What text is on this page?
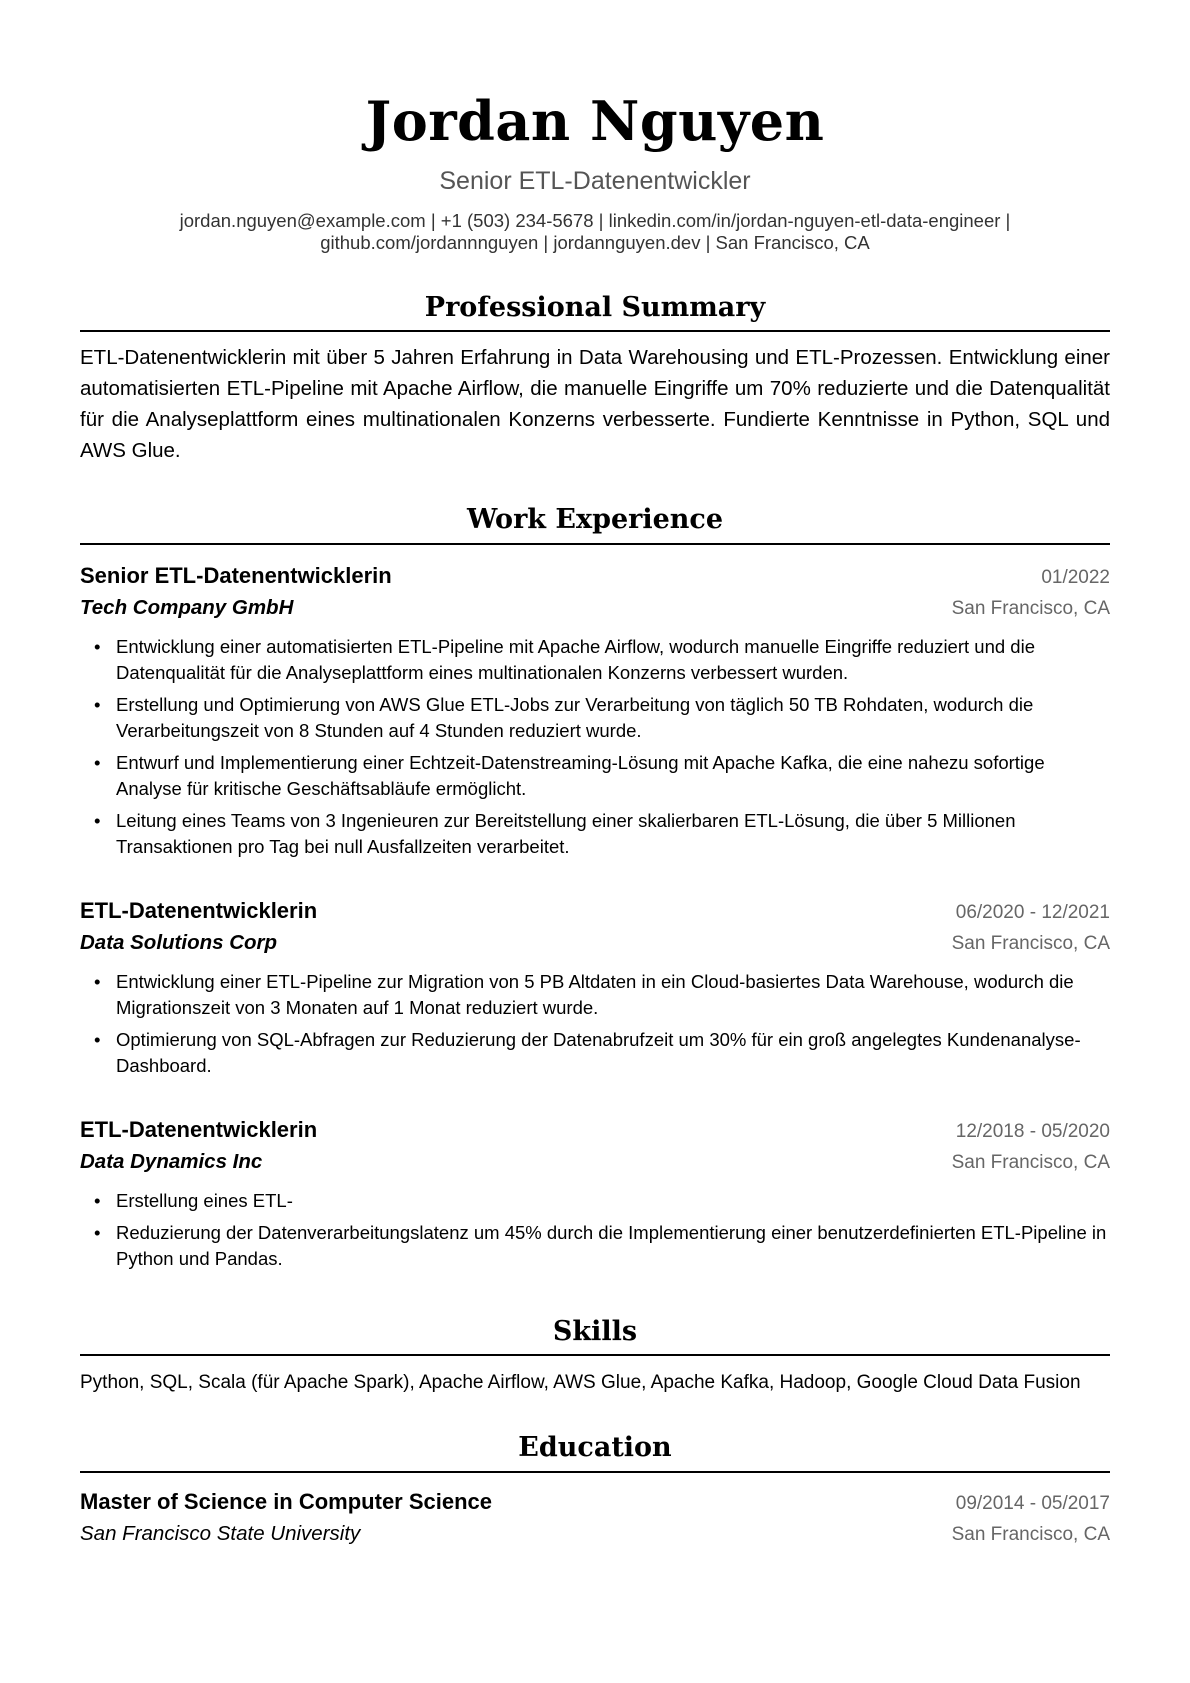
Jordan Nguyen
Senior ETL-Datenentwickler
jordan.nguyen@example.com | +1 (503) 234-5678 | linkedin.com/in/jordan-nguyen-etl-data-engineer |
github.com/jordannnguyen | jordannguyen.dev | San Francisco, CA
Professional Summary
ETL-Datenentwicklerin mit über 5 Jahren Erfahrung in Data Warehousing und ETL-Prozessen. Entwicklung einer automatisierten ETL-Pipeline mit Apache Airflow, die manuelle Eingriffe um 70% reduzierte und die Datenqualität für die Analyseplattform eines multinationalen Konzerns verbesserte. Fundierte Kenntnisse in Python, SQL und AWS Glue.
Work Experience
Senior ETL-Datenentwicklerin	01/2022
Tech Company GmbH	San Francisco, CA
• Entwicklung einer automatisierten ETL-Pipeline mit Apache Airflow, wodurch manuelle Eingriffe reduziert und die Datenqualität für die Analyseplattform eines multinationalen Konzerns verbessert wurden.
• Erstellung und Optimierung von AWS Glue ETL-Jobs zur Verarbeitung von täglich 50 TB Rohdaten, wodurch die Verarbeitungszeit von 8 Stunden auf 4 Stunden reduziert wurde.
• Entwurf und Implementierung einer Echtzeit-Datenstreaming-Lösung mit Apache Kafka, die eine nahezu sofortige Analyse für kritische Geschäftsabläufe ermöglicht.
• Leitung eines Teams von 3 Ingenieuren zur Bereitstellung einer skalierbaren ETL-Lösung, die über 5 Millionen Transaktionen pro Tag bei null Ausfallzeiten verarbeitet.
ETL-Datenentwicklerin	06/2020 - 12/2021
Data Solutions Corp	San Francisco, CA
• Entwicklung einer ETL-Pipeline zur Migration von 5 PB Altdaten in ein Cloud-basiertes Data Warehouse, wodurch die Migrationszeit von 3 Monaten auf 1 Monat reduziert wurde.
• Optimierung von SQL-Abfragen zur Reduzierung der Datenabrufzeit um 30% für ein groß angelegtes Kundenanalyse-Dashboard.
ETL-Datenentwicklerin	12/2018 - 05/2020
Data Dynamics Inc	San Francisco, CA
• Erstellung eines ETL-
• Reduzierung der Datenverarbeitungslatenz um 45% durch die Implementierung einer benutzerdefinierten ETL-Pipeline in Python und Pandas.
Skills
Python, SQL, Scala (für Apache Spark), Apache Airflow, AWS Glue, Apache Kafka, Hadoop, Google Cloud Data Fusion
Education
Master of Science in Computer Science	09/2014 - 05/2017
San Francisco State University	San Francisco, CA
